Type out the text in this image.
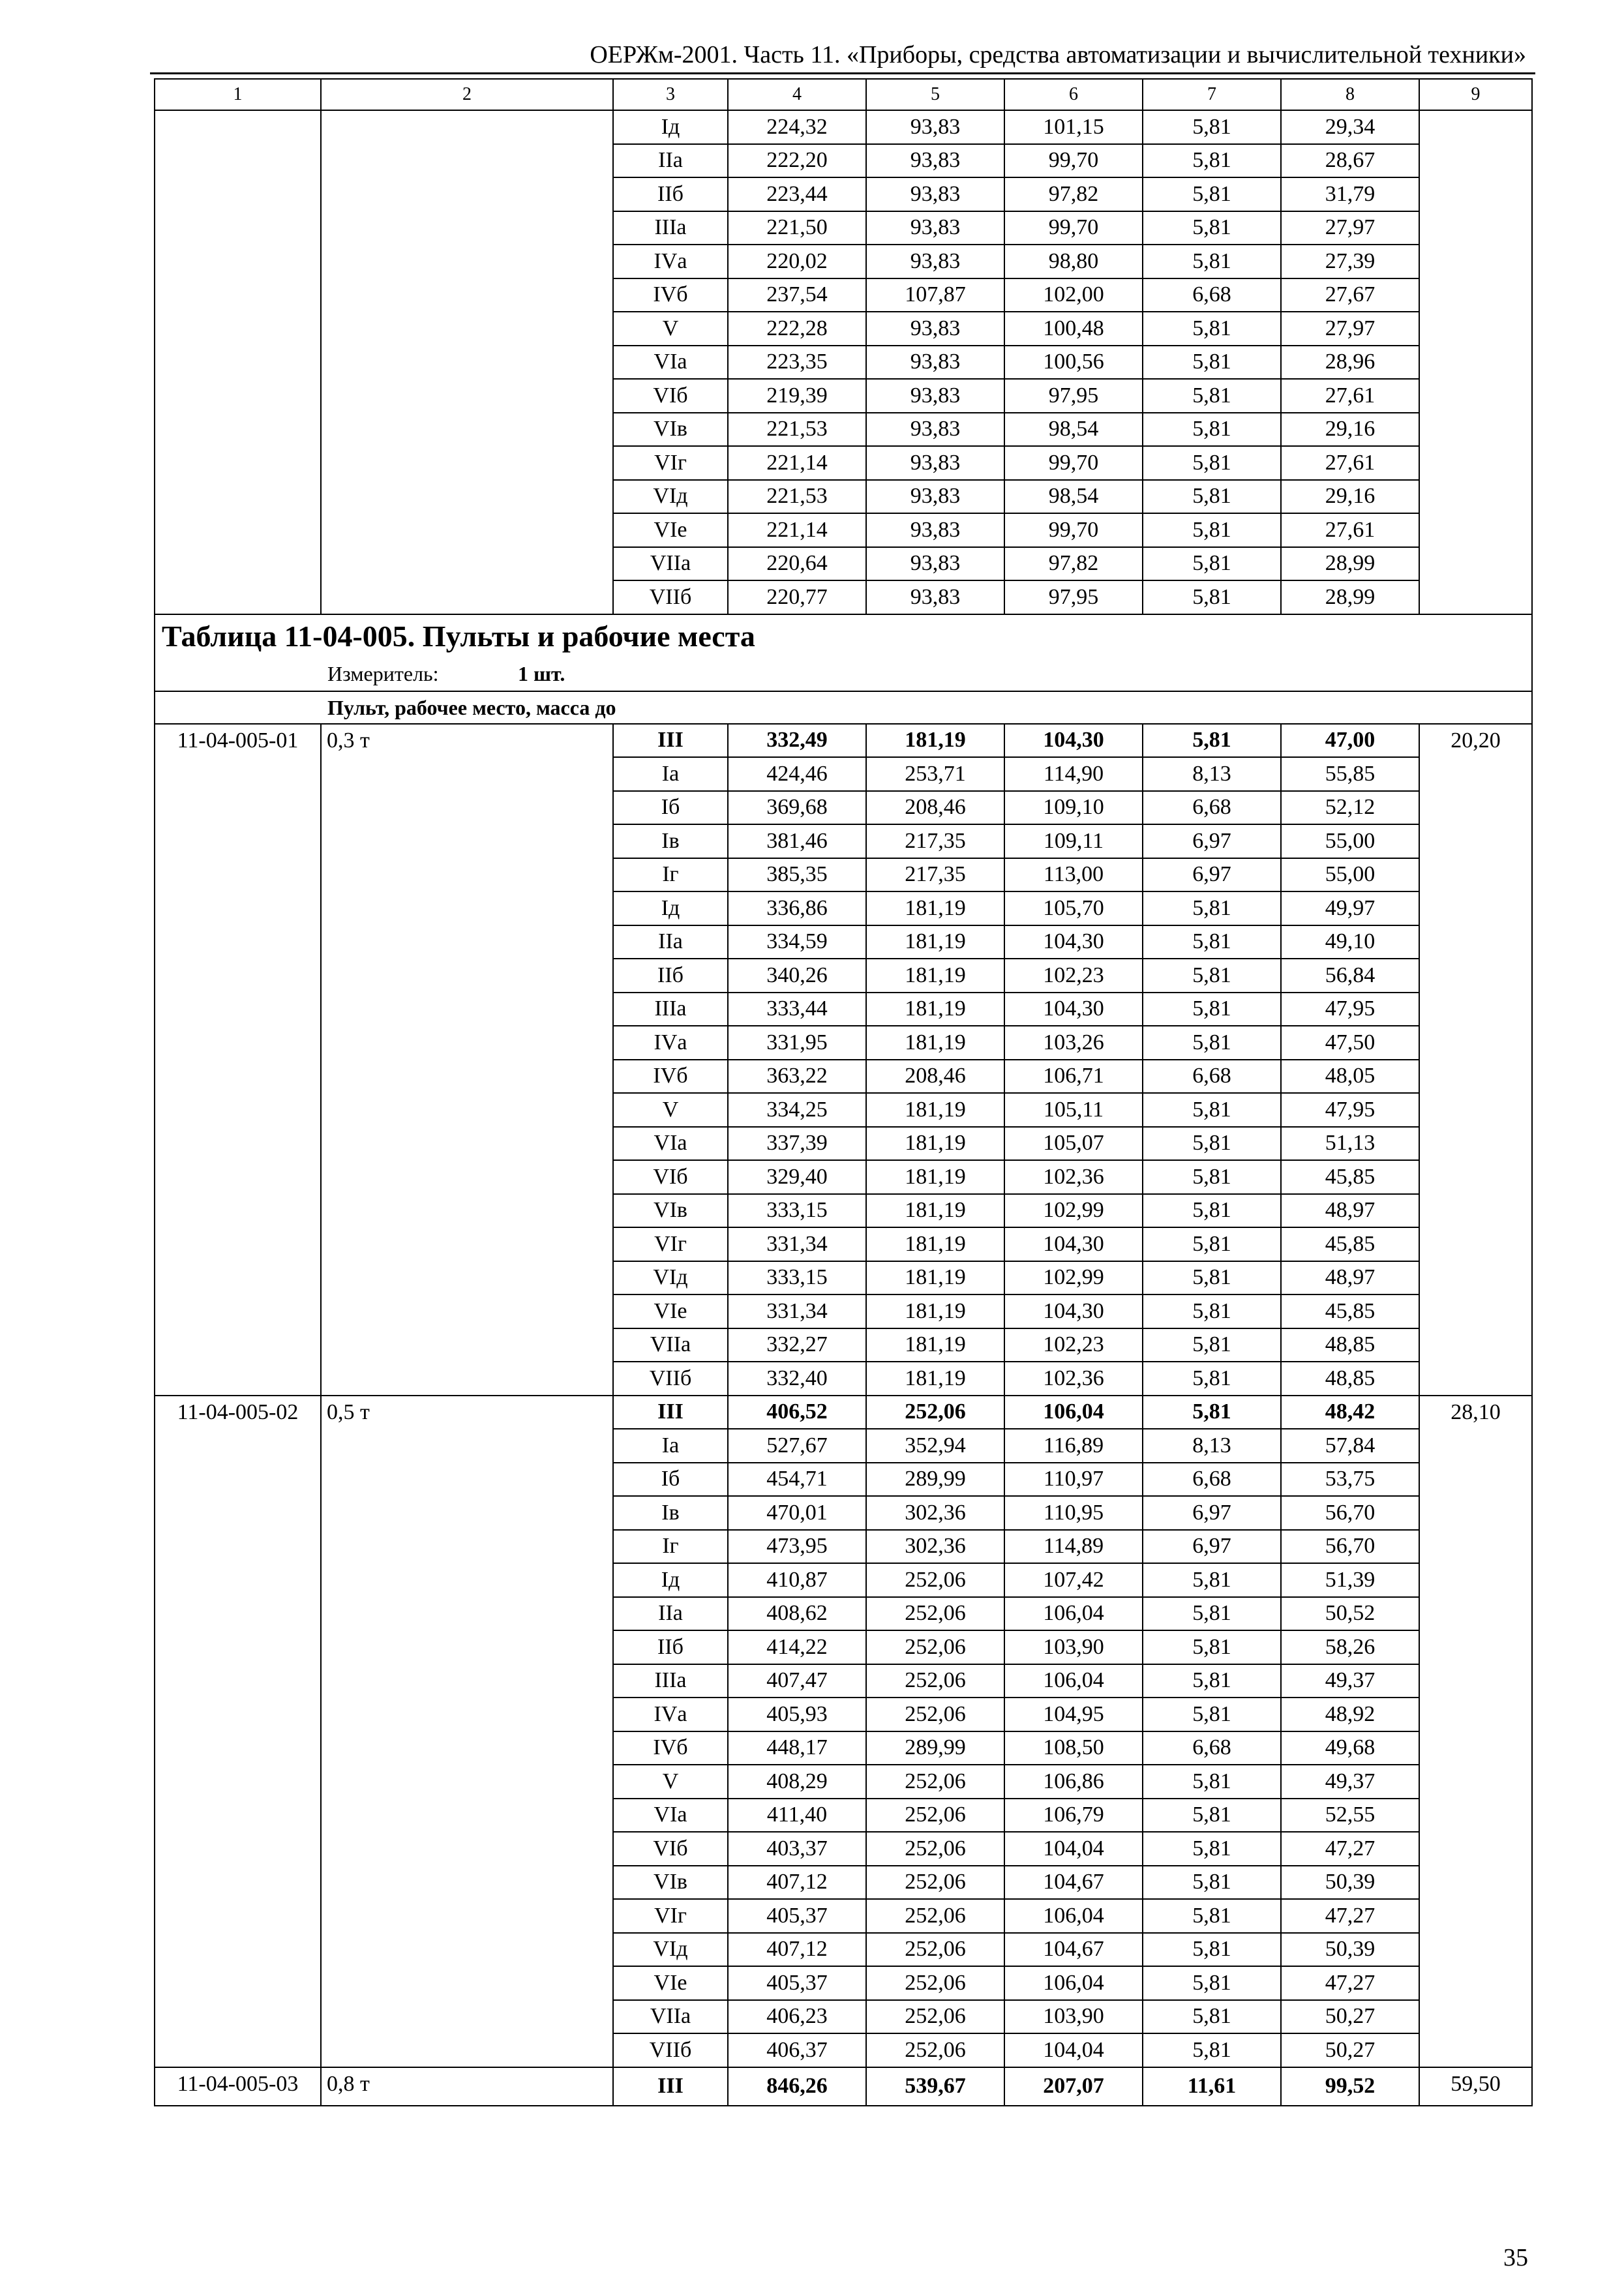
ОЕРЖм-2001. Часть 11. «Приборы, средства автоматизации и вычислительной техники»
1	2	3	4	5	6	7	8	9
		Iд	224,32	93,83	101,15	5,81	29,34	
		IIа	222,20	93,83	99,70	5,81	28,67	
		IIб	223,44	93,83	97,82	5,81	31,79	
		IIIа	221,50	93,83	99,70	5,81	27,97	
		IVа	220,02	93,83	98,80	5,81	27,39	
		IVб	237,54	107,87	102,00	6,68	27,67	
		V	222,28	93,83	100,48	5,81	27,97	
		VIа	223,35	93,83	100,56	5,81	28,96	
		VIб	219,39	93,83	97,95	5,81	27,61	
		VIв	221,53	93,83	98,54	5,81	29,16	
		VIг	221,14	93,83	99,70	5,81	27,61	
		VIд	221,53	93,83	98,54	5,81	29,16	
		VIе	221,14	93,83	99,70	5,81	27,61	
		VIIа	220,64	93,83	97,82	5,81	28,99	
		VIIб	220,77	93,83	97,95	5,81	28,99	

Таблица 11-04-005. Пульты и рабочие места
Измеритель: 1 шт.								

Пульт, рабочее место, масса до								
11-04-005-01	0,3 т	III	332,49	181,19	104,30	5,81	47,00	20,20
		Iа	424,46	253,71	114,90	8,13	55,85	
		Iб	369,68	208,46	109,10	6,68	52,12	
		Iв	381,46	217,35	109,11	6,97	55,00	
		Iг	385,35	217,35	113,00	6,97	55,00	
		Iд	336,86	181,19	105,70	5,81	49,97	
		IIа	334,59	181,19	104,30	5,81	49,10	
		IIб	340,26	181,19	102,23	5,81	56,84	
		IIIа	333,44	181,19	104,30	5,81	47,95	
		IVа	331,95	181,19	103,26	5,81	47,50	
		IVб	363,22	208,46	106,71	6,68	48,05	
		V	334,25	181,19	105,11	5,81	47,95	
		VIа	337,39	181,19	105,07	5,81	51,13	
		VIб	329,40	181,19	102,36	5,81	45,85	
		VIв	333,15	181,19	102,99	5,81	48,97	
		VIг	331,34	181,19	104,30	5,81	45,85	
		VIд	333,15	181,19	102,99	5,81	48,97	
		VIе	331,34	181,19	104,30	5,81	45,85	
		VIIа	332,27	181,19	102,23	5,81	48,85	
		VIIб	332,40	181,19	102,36	5,81	48,85	
11-04-005-02	0,5 т	III	406,52	252,06	106,04	5,81	48,42	28,10
		Iа	527,67	352,94	116,89	8,13	57,84	
		Iб	454,71	289,99	110,97	6,68	53,75	
		Iв	470,01	302,36	110,95	6,97	56,70	
		Iг	473,95	302,36	114,89	6,97	56,70	
		Iд	410,87	252,06	107,42	5,81	51,39	
		IIа	408,62	252,06	106,04	5,81	50,52	
		IIб	414,22	252,06	103,90	5,81	58,26	
		IIIа	407,47	252,06	106,04	5,81	49,37	
		IVа	405,93	252,06	104,95	5,81	48,92	
		IVб	448,17	289,99	108,50	6,68	49,68	
		V	408,29	252,06	106,86	5,81	49,37	
		VIа	411,40	252,06	106,79	5,81	52,55	
		VIб	403,37	252,06	104,04	5,81	47,27	
		VIв	407,12	252,06	104,67	5,81	50,39	
		VIг	405,37	252,06	106,04	5,81	47,27	
		VIд	407,12	252,06	104,67	5,81	50,39	
		VIе	405,37	252,06	106,04	5,81	47,27	
		VIIа	406,23	252,06	103,90	5,81	50,27	
		VIIб	406,37	252,06	104,04	5,81	50,27	
11-04-005-03	0,8 т	III	846,26	539,67	207,07	11,61	99,52	59,50
35
